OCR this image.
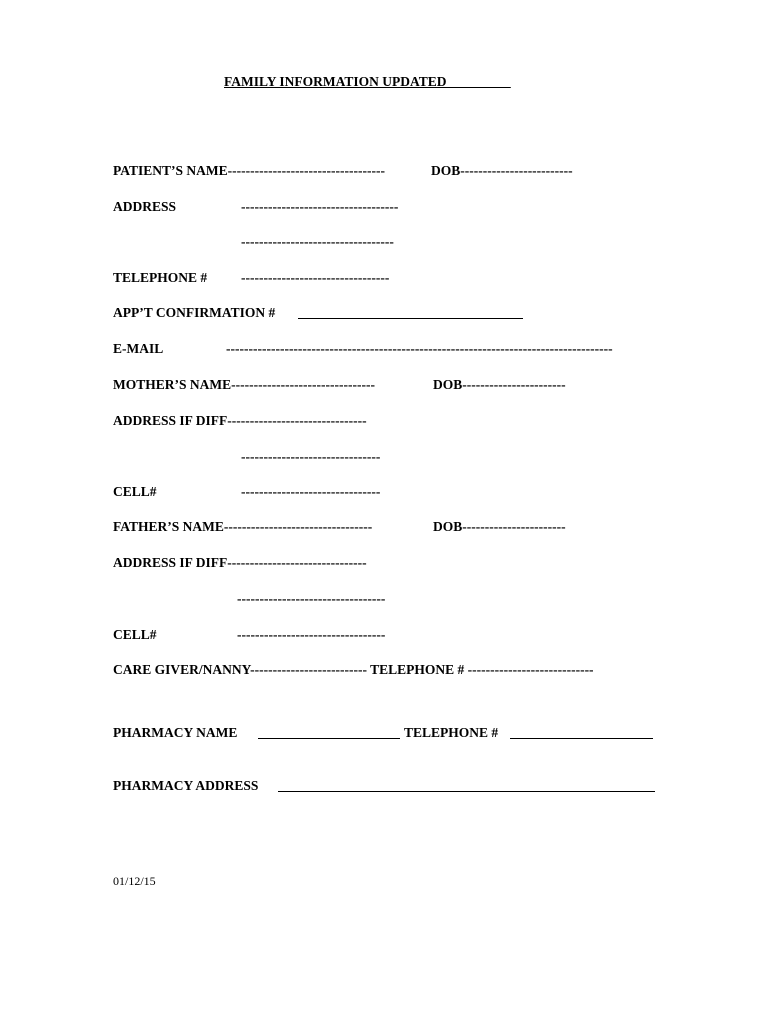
FAMILY INFORMATION UPDATED __ _____ _
PATIENT’S NAME-----------------------------------	DOB-------------------------
ADDRESS	-----------------------------------
----------------------------------
TELEPHONE #	---------------------------------
APP’T CONFIRMATION #
E-MAIL	--------------------------------------------------------------------------------------
MOTHER’S NAME--------------------------------	DOB-----------------------
ADDRESS IF DIFF-------------------------------
-------------------------------
CELL#	-------------------------------
FATHER’S NAME---------------------------------	DOB-----------------------
ADDRESS IF DIFF-------------------------------
---------------------------------
CELL#	---------------------------------
CARE GIVER/NANNY-------------------------- TELEPHONE # ----------------------------
PHARMACY NAME	TELEPHONE #
PHARMACY ADDRESS
01/12/15
